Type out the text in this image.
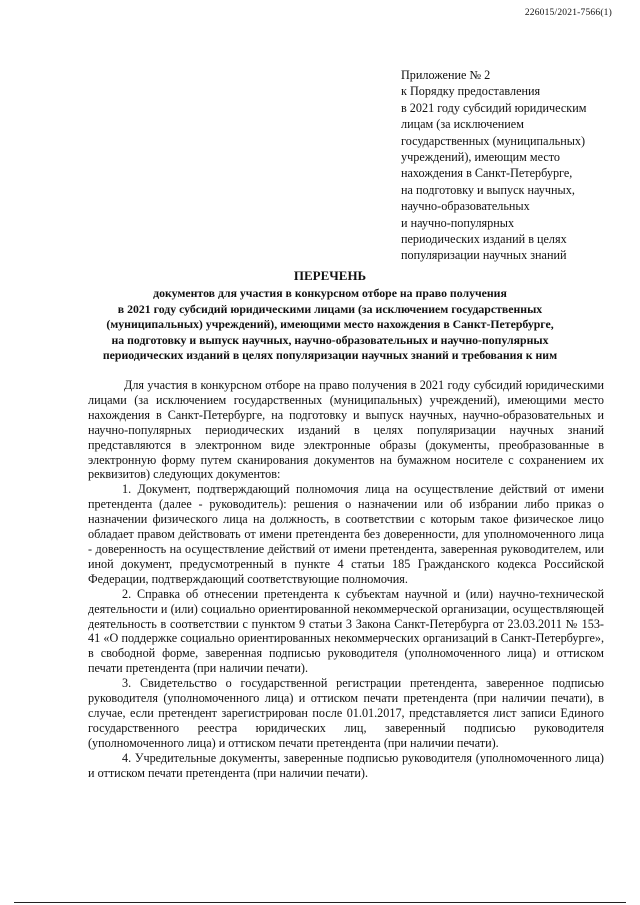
226015/2021-7566(1)
Приложение № 2
к Порядку предоставления
в 2021 году субсидий юридическим
лицам (за исключением
государственных (муниципальных)
учреждений), имеющим место
нахождения в Санкт-Петербурге,
на подготовку и выпуск научных,
научно-образовательных
и научно-популярных
периодических изданий в целях
популяризации научных знаний
ПЕРЕЧЕНЬ
документов для участия в конкурсном отборе на право получения
в 2021 году субсидий юридическими лицами (за исключением государственных
(муниципальных) учреждений), имеющими место нахождения в Санкт-Петербурге,
на подготовку и выпуск научных, научно-образовательных и научно-популярных
периодических изданий в целях популяризации научных знаний и требования к ним

Для участия в конкурсном отборе на право получения в 2021 году субсидий юридическими лицами (за исключением государственных (муниципальных) учреждений), имеющими место нахождения в Санкт-Петербурге, на подготовку и выпуск научных, научно-образовательных и научно-популярных периодических изданий в целях популяризации научных знаний представляются в электронном виде электронные образы (документы, преобразованные в электронную форму путем сканирования документов на бумажном носителе с сохранением их реквизитов) следующих документов:

1. Документ, подтверждающий полномочия лица на осуществление действий от имени претендента (далее - руководитель): решения о назначении или об избрании либо приказ о назначении физического лица на должность, в соответствии с которым такое физическое лицо обладает правом действовать от имени претендента без доверенности, для уполномоченного лица - доверенность на осуществление действий от имени претендента, заверенная руководителем, или иной документ, предусмотренный в пункте 4 статьи 185 Гражданского кодекса Российской Федерации, подтверждающий соответствующие полномочия.

2. Справка об отнесении претендента к субъектам научной и (или) научно-технической деятельности и (или) социально ориентированной некоммерческой организации, осуществляющей деятельность в соответствии с пунктом 9 статьи 3 Закона Санкт-Петербурга от 23.03.2011 № 153-41 «О поддержке социально ориентированных некоммерческих организаций в Санкт-Петербурге», в свободной форме, заверенная подписью руководителя (уполномоченного лица) и оттиском печати претендента (при наличии печати).

3. Свидетельство о государственной регистрации претендента, заверенное подписью руководителя (уполномоченного лица) и оттиском печати претендента (при наличии печати), в случае, если претендент зарегистрирован после 01.01.2017, представляется лист записи Единого государственного реестра юридических лиц, заверенный подписью руководителя (уполномоченного лица) и оттиском печати претендента (при наличии печати).

4. Учредительные документы, заверенные подписью руководителя (уполномоченного лица) и оттиском печати претендента (при наличии печати).
